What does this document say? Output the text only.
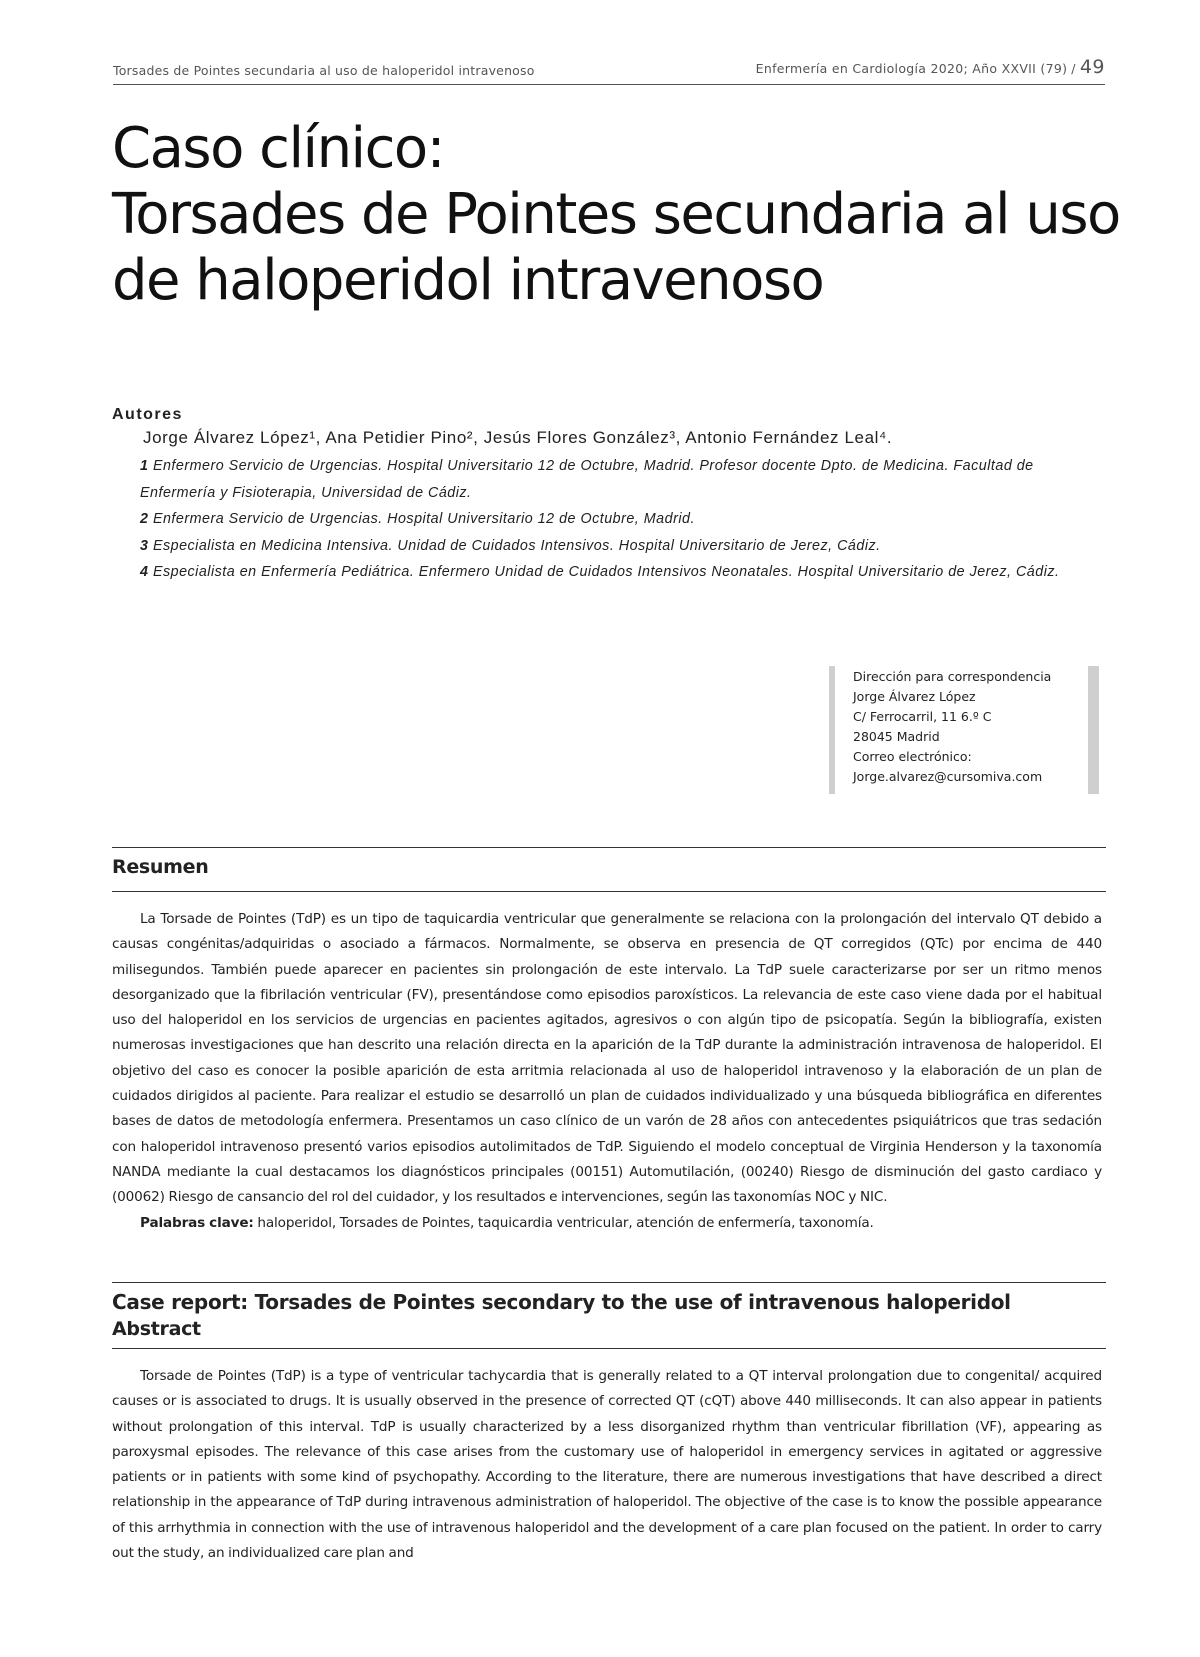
Torsades de Pointes secundaria al uso de haloperidol intravenoso	Enfermería en Cardiología 2020; Año XXVII (79) / 49
Caso clínico:
Torsades de Pointes secundaria al uso
de haloperidol intravenoso
Autores
Jorge Álvarez López¹, Ana Petidier Pino², Jesús Flores González³, Antonio Fernández Leal⁴.

1 Enfermero Servicio de Urgencias. Hospital Universitario 12 de Octubre, Madrid. Profesor docente Dpto. de Medicina. Facultad de Enfermería y Fisioterapia, Universidad de Cádiz.

2 Enfermera Servicio de Urgencias. Hospital Universitario 12 de Octubre, Madrid.

3 Especialista en Medicina Intensiva. Unidad de Cuidados Intensivos. Hospital Universitario de Jerez, Cádiz.

4 Especialista en Enfermería Pediátrica. Enfermero Unidad de Cuidados Intensivos Neonatales. Hospital Universitario de Jerez, Cádiz.

Dirección para correspondencia
Jorge Álvarez López
C/ Ferrocarril, 11 6.º C
28045 Madrid
Correo electrónico:
Jorge.alvarez@cursomiva.com
Resumen

La Torsade de Pointes (TdP) es un tipo de taquicardia ventricular que generalmente se relaciona con la prolongación del intervalo QT debido a causas congénitas/adquiridas o asociado a fármacos. Normalmente, se observa en presencia de QT corregidos (QTc) por encima de 440 milisegundos. También puede aparecer en pacientes sin prolongación de este intervalo. La TdP suele caracterizarse por ser un ritmo menos desorganizado que la fibrilación ventricular (FV), presentándose como episodios paroxísticos. La relevancia de este caso viene dada por el habitual uso del haloperidol en los servicios de urgencias en pacientes agitados, agresivos o con algún tipo de psicopatía. Según la bibliografía, existen numerosas investigaciones que han descrito una relación directa en la aparición de la TdP durante la administración intravenosa de haloperidol. El objetivo del caso es conocer la posible aparición de esta arritmia relacionada al uso de haloperidol intravenoso y la elaboración de un plan de cuidados dirigidos al paciente. Para realizar el estudio se desarrolló un plan de cuidados individualizado y una búsqueda bibliográfica en diferentes bases de datos de metodología enfermera. Presentamos un caso clínico de un varón de 28 años con antecedentes psiquiátricos que tras sedación con haloperidol intravenoso presentó varios episodios autolimitados de TdP. Siguiendo el modelo conceptual de Virginia Henderson y la taxonomía NANDA mediante la cual destacamos los diagnósticos principales (00151) Automutilación, (00240) Riesgo de disminución del gasto cardiaco y (00062) Riesgo de cansancio del rol del cuidador, y los resultados e intervenciones, según las taxonomías NOC y NIC.

Palabras clave: haloperidol, Torsades de Pointes, taquicardia ventricular, atención de enfermería, taxonomía.

Case report: Torsades de Pointes secondary to the use of intravenous haloperidol
Abstract

Torsade de Pointes (TdP) is a type of ventricular tachycardia that is generally related to a QT interval prolongation due to congenital/ acquired causes or is associated to drugs. It is usually observed in the presence of corrected QT (cQT) above 440 milliseconds. It can also appear in patients without prolongation of this interval. TdP is usually characterized by a less disorganized rhythm than ventricular fibrillation (VF), appearing as paroxysmal episodes. The relevance of this case arises from the customary use of haloperidol in emergency services in agitated or aggressive patients or in patients with some kind of psychopathy. According to the literature, there are numerous investigations that have described a direct relationship in the appearance of TdP during intravenous administration of haloperidol. The objective of the case is to know the possible appearance of this arrhythmia in connection with the use of intravenous haloperidol and the development of a care plan focused on the patient. In order to carry out the study, an individualized care plan and
